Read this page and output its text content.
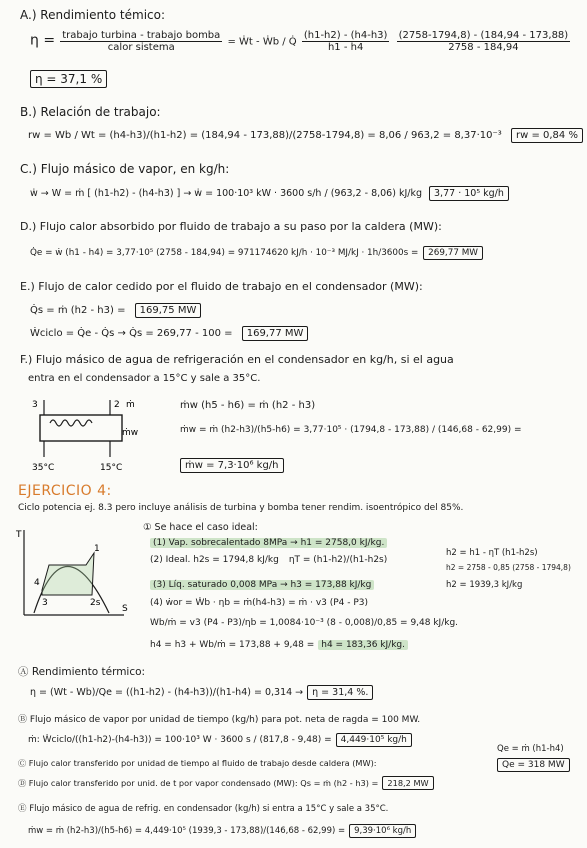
A.) Rendimiento témico:
$\eta = \frac{\text{trabajo turbina - trabajo bomba}}{\text{calor sistema}}$ = Ẇt - Ẇb / Q̇ $\frac{(h1-h2) - (h4-h3)}{h1 - h4}$
$\frac{(2758-1794,8) - (184,94 - 173,88)}{2758 - 184,94}$
η = 37,1 %
B.) Relación de trabajo:
rw = Wb / Wt = (h4-h3)/(h1-h2) = (184,94 - 173,88)/(2758-1794,8) = 8,06 / 963,2 = 8,37·10⁻³ rw = 0,84 %
C.) Flujo másico de vapor, en kg/h:
ẇ → W = ṁ [ (h1-h2) - (h4-h3) ] → ẇ = 100·10³ kW · 3600 s/h / (963,2 - 8,06) kJ/kg 3,77 · 10⁵ kg/h
D.) Flujo calor absorbido por fluido de trabajo a su paso por la caldera (MW):
Q̇e = ẇ (h1 - h4) = 3,77·10⁵ (2758 - 184,94) = 971174620 kJ/h · 10⁻³ MJ/kJ · 1h/3600s = 269,77 MW
E.) Flujo de calor cedido por el fluido de trabajo en el condensador (MW):
Q̇s = ṁ (h2 - h3) = 169,75 MW
Ẇciclo = Q̇e - Q̇s → Q̇s = 269,77 - 100 = 169,77 MW
F.) Flujo másico de agua de refrigeración en el condensador en kg/h, si el agua
entra en el condensador a 15°C y sale a 35°C.
3	2 ṁ
ṁw
35°C	15°C
ṁw (h5 - h6) = ṁ (h2 - h3)
ṁw = ṁ (h2-h3)/(h5-h6) = 3,77·10⁵ · (1794,8 - 173,88) / (146,68 - 62,99) =
ṁw = 7,3·10⁶ kg/h
EJERCICIO 4:
Ciclo potencia ej. 8.3 pero incluye análisis de turbina y bomba tener rendim. isoentrópico del 85%.
T
S
1
2s
3
4
① Se hace el caso ideal:
(1) Vap. sobrecalentado 8MPa → h1 = 2758,0 kJ/kg.
(2) Ideal. h2s = 1794,8 kJ/kg ηT = (h1-h2)/(h1-h2s)
h2 = h1 - ηT (h1-h2s)
h2 = 2758 - 0,85 (2758 - 1794,8)
(3) Líq. saturado 0,008 MPa → h3 = 173,88 kJ/kg	h2 = 1939,3 kJ/kg
(4) ẇor = Ẇb · ηb = ṁ(h4-h3) = ṁ · v3 (P4 - P3)
Wb/ṁ = v3 (P4 - P3)/ηb = 1,0084·10⁻³ (8 - 0,008)/0,85 = 9,48 kJ/kg.
h4 = h3 + Wb/ṁ = 173,88 + 9,48 = h4 = 183,36 kJ/kg.
Ⓐ Rendimiento térmico:
η = (Wt - Wb)/Qe = ((h1-h2) - (h4-h3))/(h1-h4) = 0,314 → η = 31,4 %.
Ⓑ Flujo másico de vapor por unidad de tiempo (kg/h) para pot. neta de ragda = 100 MW.
ṁ: Ẇciclo/((h1-h2)-(h4-h3)) = 100·10³ W · 3600 s / (817,8 - 9,48) = 4,449·10⁵ kg/h
Ⓒ Flujo calor transferido por unidad de tiempo al fluido de trabajo desde caldera (MW):
Qe = ṁ (h1-h4)
Qe = 318 MW
Ⓓ Flujo calor transferido por unid. de t por vapor condensado (MW): Qs = ṁ (h2 - h3) = 218,2 MW
Ⓔ Flujo másico de agua de refrig. en condensador (kg/h) si entra a 15°C y sale a 35°C.
ṁw = ṁ (h2-h3)/(h5-h6) = 4,449·10⁵ (1939,3 - 173,88)/(146,68 - 62,99) = 9,39·10⁶ kg/h
